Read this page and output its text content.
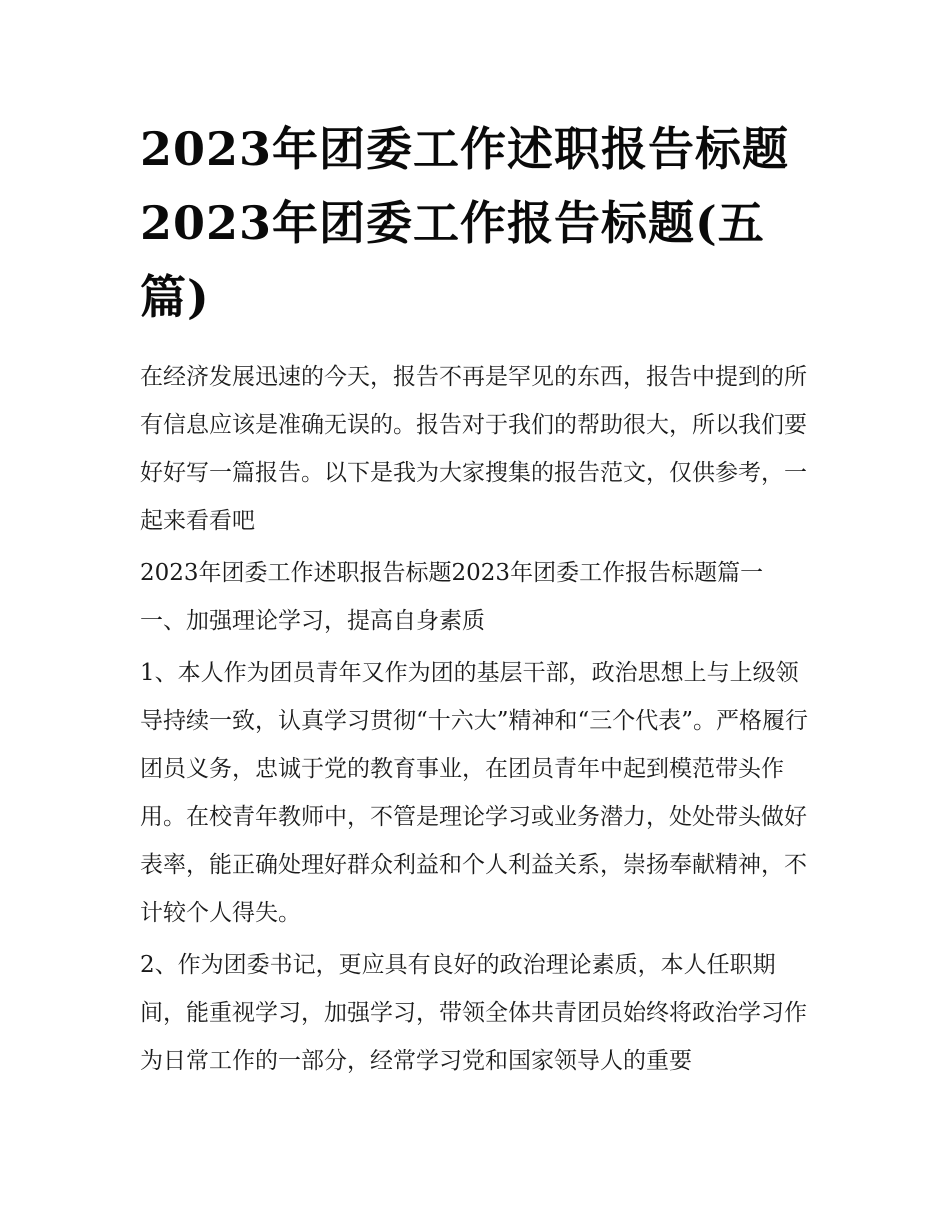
2023年团委工作述职报告标题2023年团委工作报告标题(五篇)

在经济发展迅速的今天，报告不再是罕见的东西，报告中提到的所有信息应该是准确无误的。报告对于我们的帮助很大，所以我们要好好写一篇报告。以下是我为大家搜集的报告范文，仅供参考，一起来看看吧

2023年团委工作述职报告标题2023年团委工作报告标题篇一

一、加强理论学习，提高自身素质

1、本人作为团员青年又作为团的基层干部，政治思想上与上级领导持续一致，认真学习贯彻“十六大”精神和“三个代表”。严格履行团员义务，忠诚于党的教育事业，在团员青年中起到模范带头作用。在校青年教师中，不管是理论学习或业务潜力，处处带头做好表率，能正确处理好群众利益和个人利益关系，崇扬奉献精神，不计较个人得失。

2、作为团委书记，更应具有良好的政治理论素质，本人任职期间，能重视学习，加强学习，带领全体共青团员始终将政治学习作为日常工作的一部分，经常学习党和国家领导人的重要
